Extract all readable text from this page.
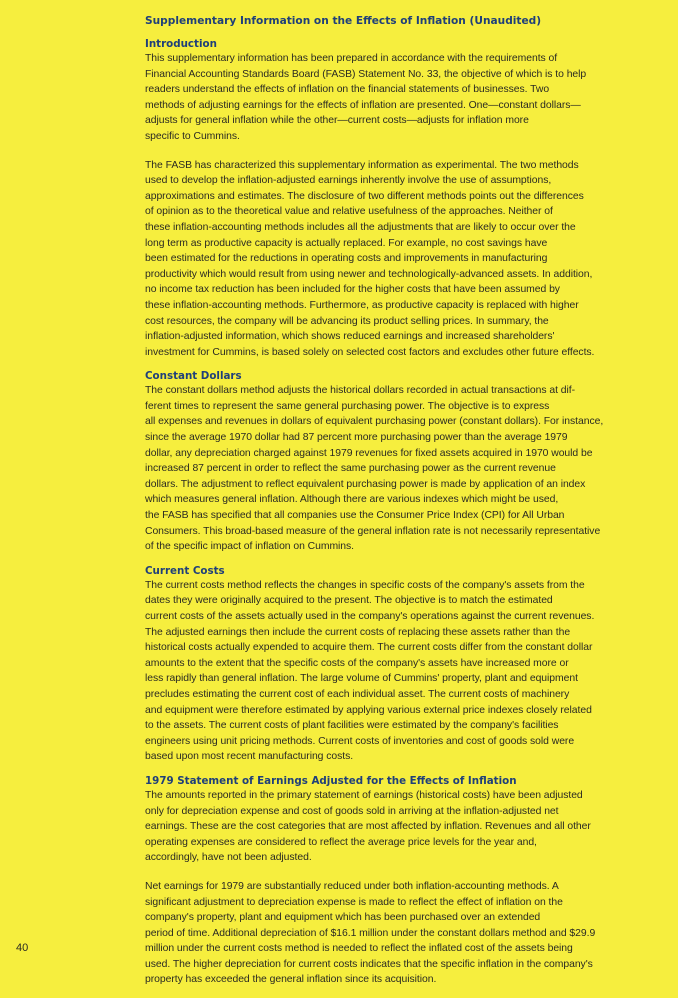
Supplementary Information on the Effects of Inflation (Unaudited)
Introduction
This supplementary information has been prepared in accordance with the requirements of
Financial Accounting Standards Board (FASB) Statement No. 33, the objective of which is to help
readers understand the effects of inflation on the financial statements of businesses. Two
methods of adjusting earnings for the effects of inflation are presented. One—constant dollars—
adjusts for general inflation while the other—current costs—adjusts for inflation more
specific to Cummins.
The FASB has characterized this supplementary information as experimental. The two methods
used to develop the inflation-adjusted earnings inherently involve the use of assumptions,
approximations and estimates. The disclosure of two different methods points out the differences
of opinion as to the theoretical value and relative usefulness of the approaches. Neither of
these inflation-accounting methods includes all the adjustments that are likely to occur over the
long term as productive capacity is actually replaced. For example, no cost savings have
been estimated for the reductions in operating costs and improvements in manufacturing
productivity which would result from using newer and technologically-advanced assets. In addition,
no income tax reduction has been included for the higher costs that have been assumed by
these inflation-accounting methods. Furthermore, as productive capacity is replaced with higher
cost resources, the company will be advancing its product selling prices. In summary, the
inflation-adjusted information, which shows reduced earnings and increased shareholders'
investment for Cummins, is based solely on selected cost factors and excludes other future effects.
Constant Dollars
The constant dollars method adjusts the historical dollars recorded in actual transactions at dif-
ferent times to represent the same general purchasing power. The objective is to express
all expenses and revenues in dollars of equivalent purchasing power (constant dollars). For instance,
since the average 1970 dollar had 87 percent more purchasing power than the average 1979
dollar, any depreciation charged against 1979 revenues for fixed assets acquired in 1970 would be
increased 87 percent in order to reflect the same purchasing power as the current revenue
dollars. The adjustment to reflect equivalent purchasing power is made by application of an index
which measures general inflation. Although there are various indexes which might be used,
the FASB has specified that all companies use the Consumer Price Index (CPI) for All Urban
Consumers. This broad-based measure of the general inflation rate is not necessarily representative
of the specific impact of inflation on Cummins.
Current Costs
The current costs method reflects the changes in specific costs of the company's assets from the
dates they were originally acquired to the present. The objective is to match the estimated
current costs of the assets actually used in the company's operations against the current revenues.
The adjusted earnings then include the current costs of replacing these assets rather than the
historical costs actually expended to acquire them. The current costs differ from the constant dollar
amounts to the extent that the specific costs of the company's assets have increased more or
less rapidly than general inflation. The large volume of Cummins' property, plant and equipment
precludes estimating the current cost of each individual asset. The current costs of machinery
and equipment were therefore estimated by applying various external price indexes closely related
to the assets. The current costs of plant facilities were estimated by the company's facilities
engineers using unit pricing methods. Current costs of inventories and cost of goods sold were
based upon most recent manufacturing costs.
1979 Statement of Earnings Adjusted for the Effects of Inflation
The amounts reported in the primary statement of earnings (historical costs) have been adjusted
only for depreciation expense and cost of goods sold in arriving at the inflation-adjusted net
earnings. These are the cost categories that are most affected by inflation. Revenues and all other
operating expenses are considered to reflect the average price levels for the year and,
accordingly, have not been adjusted.
Net earnings for 1979 are substantially reduced under both inflation-accounting methods. A
significant adjustment to depreciation expense is made to reflect the effect of inflation on the
company's property, plant and equipment which has been purchased over an extended
period of time. Additional depreciation of $16.1 million under the constant dollars method and $29.9
million under the current costs method is needed to reflect the inflated cost of the assets being
used. The higher depreciation for current costs indicates that the specific inflation in the company's
property has exceeded the general inflation since its acquisition.
40
